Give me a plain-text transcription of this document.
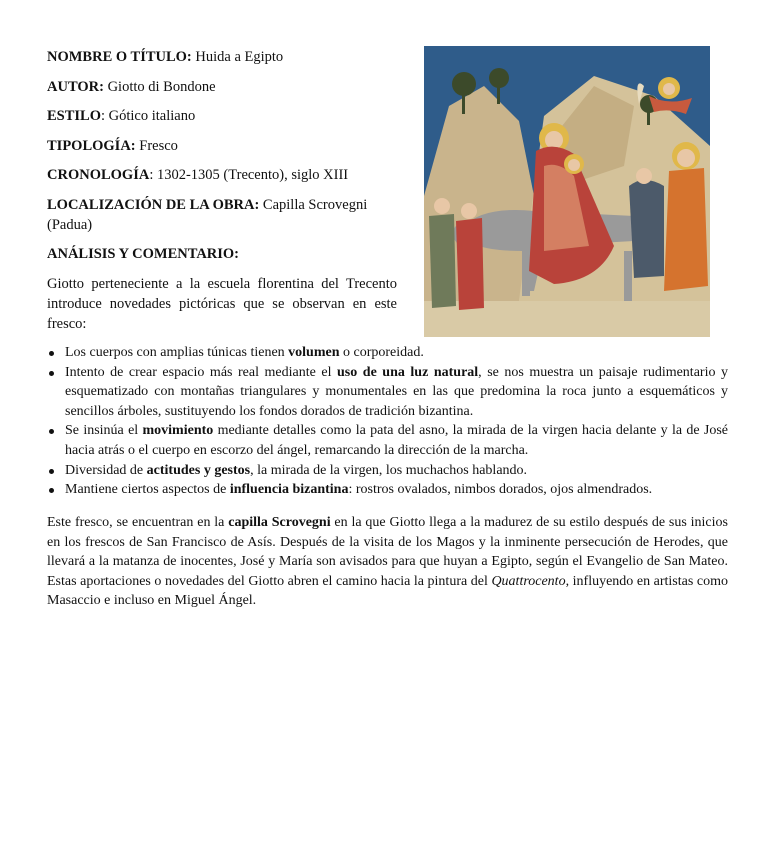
NOMBRE O TÍTULO: Huida a Egipto

AUTOR: Giotto di Bondone

ESTILO: Gótico italiano

TIPOLOGÍA: Fresco

CRONOLOGÍA: 1302-1305 (Trecento), siglo XIII

LOCALIZACIÓN DE LA OBRA: Capilla Scrovegni (Padua)

ANÁLISIS Y COMENTARIO:

Giotto perteneciente a la escuela florentina del Trecento introduce novedades pictóricas que se observan en este fresco:

Los cuerpos con amplias túnicas tienen volumen o corporeidad.
Intento de crear espacio más real mediante el uso de una luz natural, se nos muestra un paisaje rudimentario y esquematizado con montañas triangulares y monumentales en las que predomina la roca junto a esquemáticos y sencillos árboles, sustituyendo los fondos dorados de tradición bizantina.
Se insinúa el movimiento mediante detalles como la pata del asno, la mirada de la virgen hacia delante y la de José hacia atrás o el cuerpo en escorzo del ángel, remarcando la dirección de la marcha.
Diversidad de actitudes y gestos, la mirada de la virgen, los muchachos hablando.
Mantiene ciertos aspectos de influencia bizantina: rostros ovalados, nimbos dorados, ojos almendrados.

Este fresco, se encuentran en la capilla Scrovegni en la que Giotto llega a la madurez de su estilo después de sus inicios en los frescos de San Francisco de Asís. Después de la visita de los Magos y la inminente persecución de Herodes, que llevará a la matanza de inocentes, José y María son avisados para que huyan a Egipto, según el Evangelio de San Mateo. Estas aportaciones o novedades del Giotto abren el camino hacia la pintura del Quattrocento, influyendo en artistas como Masaccio e incluso en Miguel Ángel.
